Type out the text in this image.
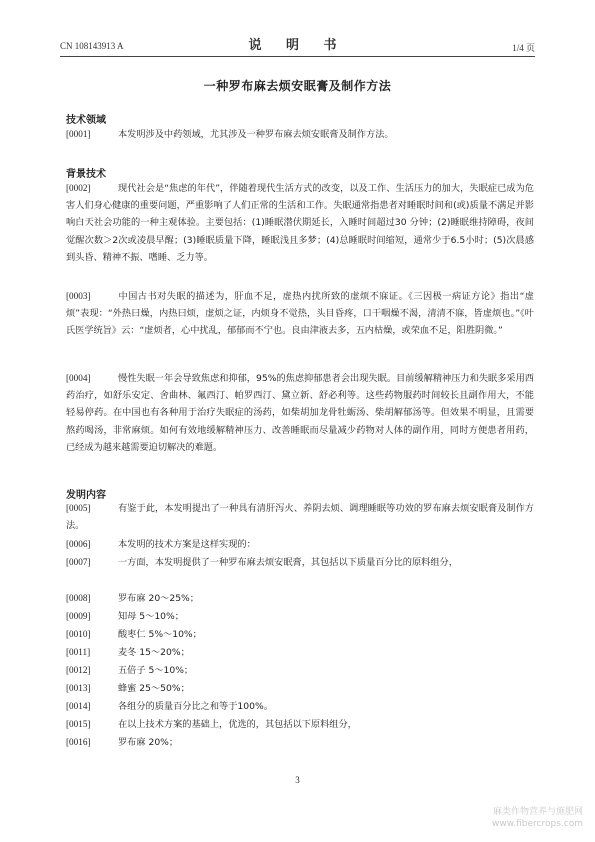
CN 108143913 A	说 明 书	1/4 页
一种罗布麻去烦安眠膏及制作方法
技术领域
[0001]	本发明涉及中药领域，尤其涉及一种罗布麻去烦安眠膏及制作方法。
背景技术
[0002]	现代社会是“焦虑的年代”，伴随着现代生活方式的改变，以及工作、生活压力的加大，失眠症已成为危害人们身心健康的重要问题，严重影响了人们正常的生活和工作。失眠通常指患者对睡眠时间和(或)质量不满足并影响白天社会功能的一种主观体验。主要包括：(1)睡眠潜伏期延长，入睡时间超过30 分钟；(2)睡眠维持障碍，夜间觉醒次数＞2次或凌晨早醒；(3)睡眠质量下降，睡眠浅且多梦；(4)总睡眠时间缩短，通常少于6.5小时；(5)次晨感到头昏、精神不振、嗜睡、乏力等。
[0003]	中国古书对失眠的描述为，肝血不足，虚热内扰所致的虚烦不寐证。《三因极一病证方论》指出“虚烦”表现：“外热曰燥，内热曰烦，虚烦之证，内烦身不觉热，头目昏疼，口干咽燥不渴，清清不寐，皆虚烦也。”《叶氏医学统旨》云：“虚烦者，心中扰乱，郁郁而不宁也。良由津液去多，五内枯燥，或荣血不足，阳胜阴微。”
[0004]	慢性失眠一年会导致焦虑和抑郁，95%的焦虑抑郁患者会出现失眠。目前缓解精神压力和失眠多采用西药治疗，如舒乐安定、舍曲林、氟西汀、帕罗西汀、黛立新、舒必利等。这些药物服药时间较长且副作用大，不能轻易停药。在中国也有各种用于治疗失眠症的汤药，如柴胡加龙骨牡蛎汤、柴胡解郁汤等。但效果不明显，且需要熬药喝汤，非常麻烦。如何有效地缓解精神压力、改善睡眠而尽量减少药物对人体的副作用，同时方便患者用药，已经成为越来越需要迫切解决的难题。
发明内容
[0005]	有鉴于此，本发明提出了一种具有清肝泻火、养阴去烦、调理睡眠等功效的罗布麻去烦安眠膏及制作方法。
[0006]	本发明的技术方案是这样实现的：
[0007]	一方面，本发明提供了一种罗布麻去烦安眠膏，其包括以下质量百分比的原料组分，
[0008]	罗布麻 20～25%；
[0009]	知母 5～10%；
[0010]	酸枣仁 5%～10%；
[0011]	麦冬 15～20%；
[0012]	五倍子 5～10%；
[0013]	蜂蜜 25～50%；
[0014]	各组分的质量百分比之和等于100%。
[0015]	在以上技术方案的基础上，优选的，其包括以下原料组分，
[0016]	罗布麻 20%；
3
麻类作物营养与施肥网
www.fibercrops.com
